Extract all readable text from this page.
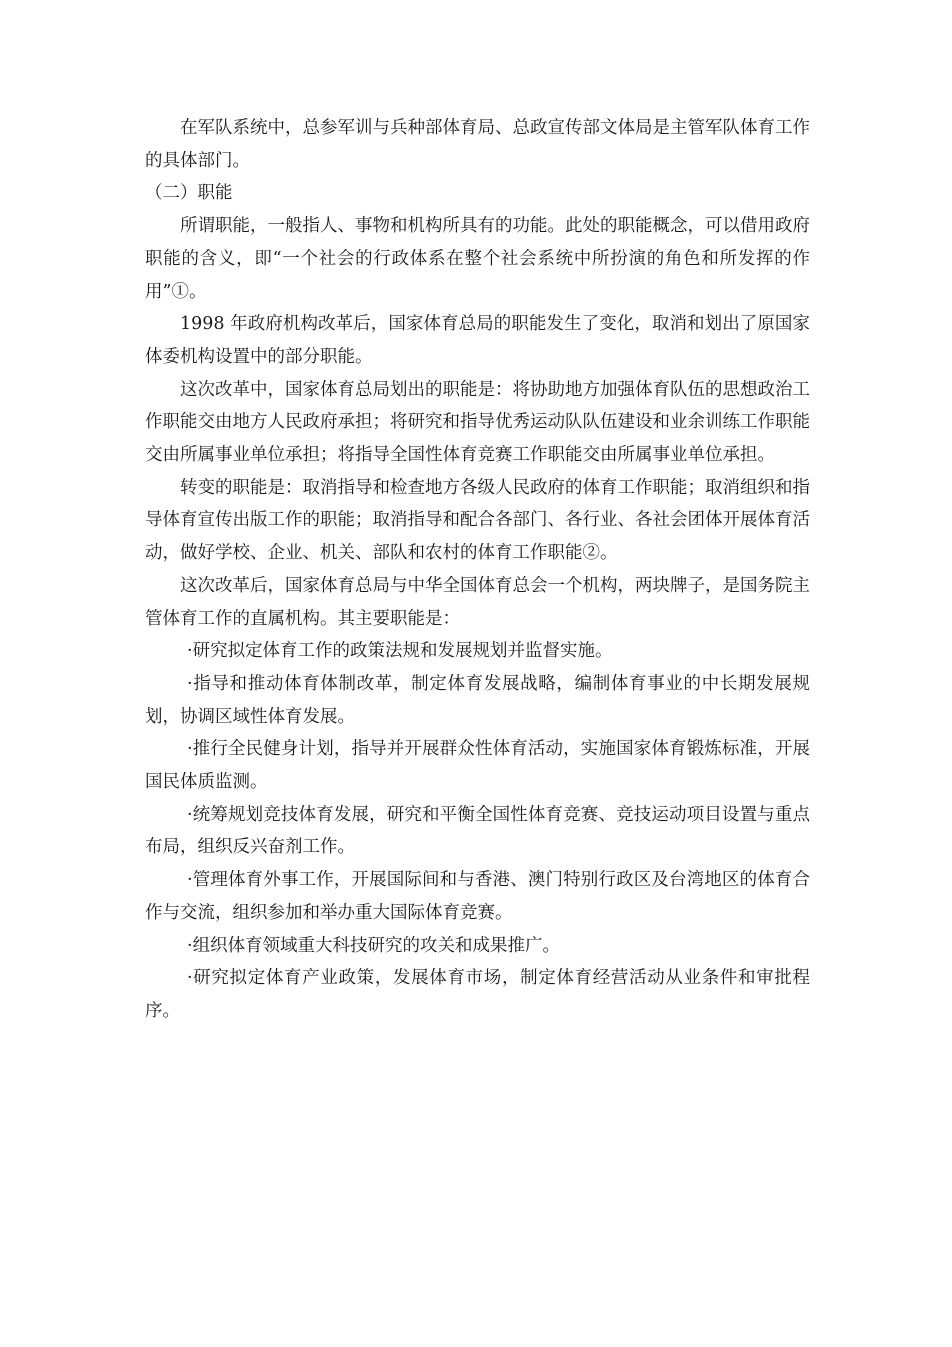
在军队系统中，总参军训与兵种部体育局、总政宣传部文体局是主管军队体育工作的具体部门。

（二）职能

所谓职能，一般指人、事物和机构所具有的功能。此处的职能概念，可以借用政府职能的含义，即“一个社会的行政体系在整个社会系统中所扮演的角色和所发挥的作用”①。

1998 年政府机构改革后，国家体育总局的职能发生了变化，取消和划出了原国家体委机构设置中的部分职能。

这次改革中，国家体育总局划出的职能是：将协助地方加强体育队伍的思想政治工作职能交由地方人民政府承担；将研究和指导优秀运动队队伍建设和业余训练工作职能交由所属事业单位承担；将指导全国性体育竞赛工作职能交由所属事业单位承担。

转变的职能是：取消指导和检查地方各级人民政府的体育工作职能；取消组织和指导体育宣传出版工作的职能；取消指导和配合各部门、各行业、各社会团体开展体育活动，做好学校、企业、机关、部队和农村的体育工作职能②。

这次改革后，国家体育总局与中华全国体育总会一个机构，两块牌子，是国务院主管体育工作的直属机构。其主要职能是：

·研究拟定体育工作的政策法规和发展规划并监督实施。

·指导和推动体育体制改革，制定体育发展战略，编制体育事业的中长期发展规划，协调区域性体育发展。

·推行全民健身计划，指导并开展群众性体育活动，实施国家体育锻炼标准，开展国民体质监测。

·统筹规划竞技体育发展，研究和平衡全国性体育竞赛、竞技运动项目设置与重点布局，组织反兴奋剂工作。

·管理体育外事工作，开展国际间和与香港、澳门特别行政区及台湾地区的体育合作与交流，组织参加和举办重大国际体育竞赛。

·组织体育领域重大科技研究的攻关和成果推广。

·研究拟定体育产业政策，发展体育市场，制定体育经营活动从业条件和审批程序。
